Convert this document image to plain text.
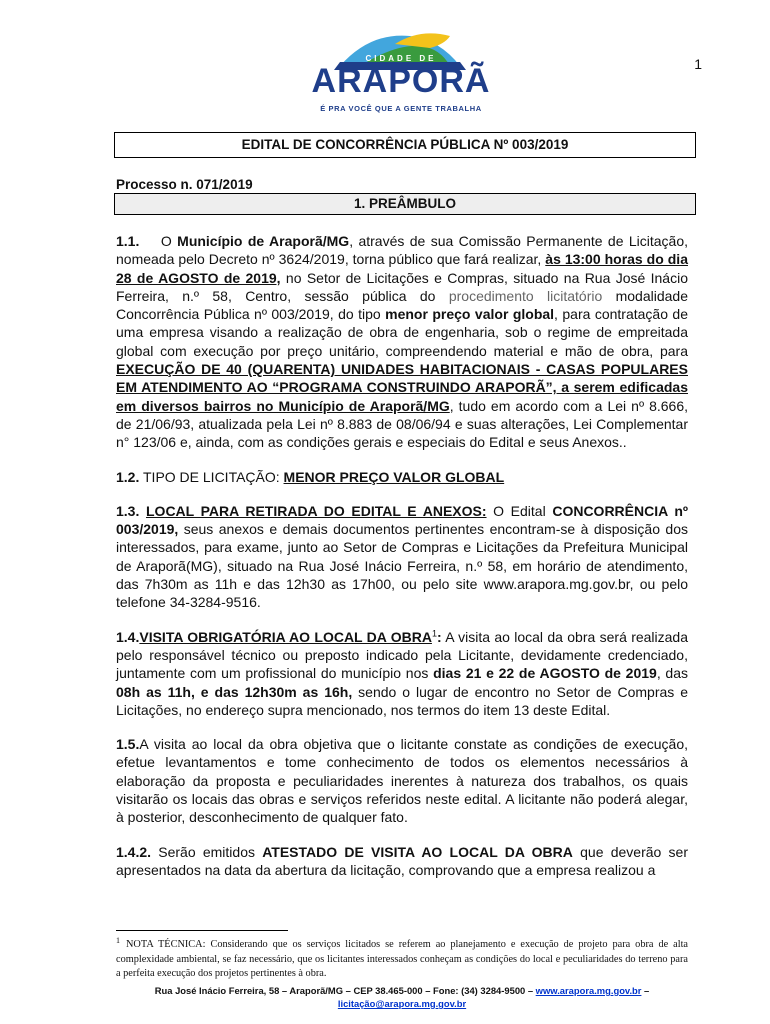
CIDADE DE
ARAPORÃ
É PRA VOCÊ QUE A GENTE TRABALHA
1
EDITAL DE CONCORRÊNCIA PÚBLICA Nº 003/2019
Processo n. 071/2019
1. PREÂMBULO

1.1. O Município de Araporã/MG, através de sua Comissão Permanente de Licitação, nomeada pelo Decreto nº 3624/2019, torna público que fará realizar, às 13:00 horas do dia 28 de AGOSTO de 2019, no Setor de Licitações e Compras, situado na Rua José Inácio Ferreira, n.º 58, Centro, sessão pública do procedimento licitatório modalidade Concorrência Pública nº 003/2019, do tipo menor preço valor global, para contratação de uma empresa visando a realização de obra de engenharia, sob o regime de empreitada global com execução por preço unitário, compreendendo material e mão de obra, para EXECUÇÃO DE 40 (QUARENTA) UNIDADES HABITACIONAIS - CASAS POPULARES EM ATENDIMENTO AO “PROGRAMA CONSTRUINDO ARAPORÃ”, a serem edificadas em diversos bairros no Município de Araporã/MG, tudo em acordo com a Lei nº 8.666, de 21/06/93, atualizada pela Lei nº 8.883 de 08/06/94 e suas alterações, Lei Complementar n° 123/06 e, ainda, com as condições gerais e especiais do Edital e seus Anexos..

1.2. TIPO DE LICITAÇÃO: MENOR PREÇO VALOR GLOBAL

1.3. LOCAL PARA RETIRADA DO EDITAL E ANEXOS: O Edital CONCORRÊNCIA nº 003/2019, seus anexos e demais documentos pertinentes encontram-se à disposição dos interessados, para exame, junto ao Setor de Compras e Licitações da Prefeitura Municipal de Araporã(MG), situado na Rua José Inácio Ferreira, n.º 58, em horário de atendimento, das 7h30m as 11h e das 12h30 as 17h00, ou pelo site www.arapora.mg.gov.br, ou pelo telefone 34-3284-9516.

1.4.VISITA OBRIGATÓRIA AO LOCAL DA OBRA$^1$: A visita ao local da obra será realizada pelo responsável técnico ou preposto indicado pela Licitante, devidamente credenciado, juntamente com um profissional do município nos dias 21 e 22 de AGOSTO de 2019, das 08h as 11h, e das 12h30m as 16h, sendo o lugar de encontro no Setor de Compras e Licitações, no endereço supra mencionado, nos termos do item 13 deste Edital.

1.5.A visita ao local da obra objetiva que o licitante constate as condições de execução, efetue levantamentos e tome conhecimento de todos os elementos necessários à elaboração da proposta e peculiaridades inerentes à natureza dos trabalhos, os quais visitarão os locais das obras e serviços referidos neste edital. A licitante não poderá alegar, à posterior, desconhecimento de qualquer fato.

1.4.2. Serão emitidos ATESTADO DE VISITA AO LOCAL DA OBRA que deverão ser apresentados na data da abertura da licitação, comprovando que a empresa realizou a

$^1$ NOTA TÉCNICA: Considerando que os serviços licitados se referem ao planejamento e execução de projeto para obra de alta complexidade ambiental, se faz necessário, que os licitantes interessados conheçam as condições do local e peculiaridades do terreno para a perfeita execução dos projetos pertinentes à obra.
Rua José Inácio Ferreira, 58 – Araporã/MG – CEP 38.465-000 – Fone: (34) 3284-9500 – www.arapora.mg.gov.br –
licitação@arapora.mg.gov.br
